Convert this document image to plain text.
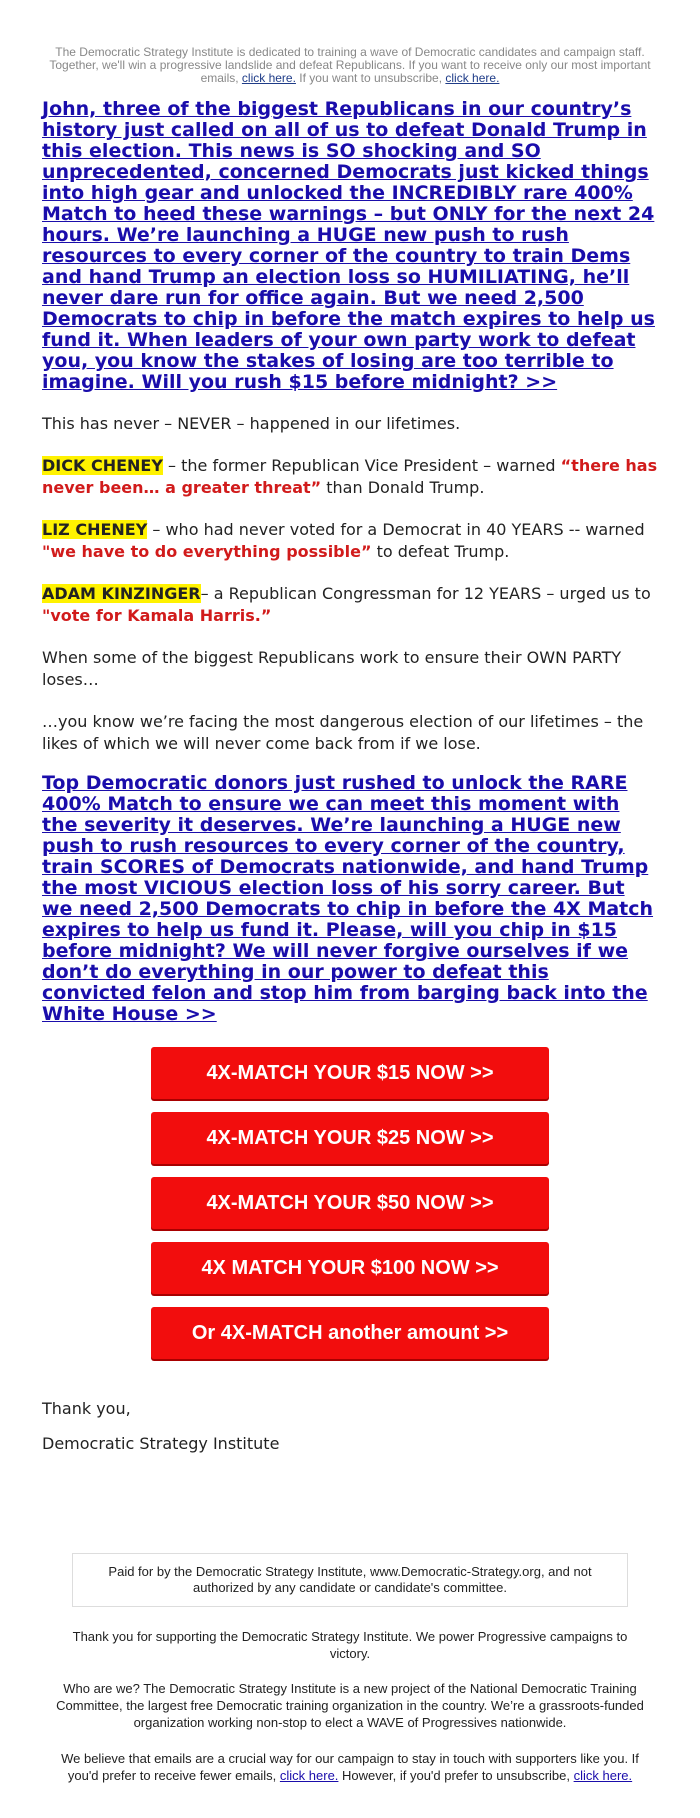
The Democratic Strategy Institute is dedicated to training a wave of Democratic candidates and campaign staff. Together, we'll win a progressive landslide and defeat Republicans. If you want to receive only our most important emails, click here. If you want to unsubscribe, click here.
John, three of the biggest Republicans in our country’s history just called on all of us to defeat Donald Trump in this election. This news is SO shocking and SO unprecedented, concerned Democrats just kicked things into high gear and unlocked the INCREDIBLY rare 400% Match to heed these warnings – but ONLY for the next 24 hours. We’re launching a HUGE new push to rush resources to every corner of the country to train Dems and hand Trump an election loss so HUMILIATING, he’ll never dare run for office again. But we need 2,500 Democrats to chip in before the match expires to help us fund it. When leaders of your own party work to defeat you, you know the stakes of losing are too terrible to imagine. Will you rush $15 before midnight? >>
This has never – NEVER – happened in our lifetimes.
DICK CHENEY – the former Republican Vice President – warned “there has never been… a greater threat” than Donald Trump.
LIZ CHENEY – who had never voted for a Democrat in 40 YEARS -- warned "we have to do everything possible” to defeat Trump.
ADAM KINZINGER– a Republican Congressman for 12 YEARS – urged us to "vote for Kamala Harris.”
When some of the biggest Republicans work to ensure their OWN PARTY loses…
…you know we’re facing the most dangerous election of our lifetimes – the likes of which we will never come back from if we lose.
Top Democratic donors just rushed to unlock the RARE 400% Match to ensure we can meet this moment with the severity it deserves. We’re launching a HUGE new push to rush resources to every corner of the country, train SCORES of Democrats nationwide, and hand Trump the most VICIOUS election loss of his sorry career. But we need 2,500 Democrats to chip in before the 4X Match expires to help us fund it. Please, will you chip in $15 before midnight? We will never forgive ourselves if we don’t do everything in our power to defeat this convicted felon and stop him from barging back into the White House >>
4X-MATCH YOUR $15 NOW >>
4X-MATCH YOUR $25 NOW >>
4X-MATCH YOUR $50 NOW >>
4X MATCH YOUR $100 NOW >>
Or 4X-MATCH another amount >>
Thank you,
Democratic Strategy Institute
Paid for by the Democratic Strategy Institute, www.Democratic-Strategy.org, and not authorized by any candidate or candidate's committee.
Thank you for supporting the Democratic Strategy Institute. We power Progressive campaigns to victory.
Who are we? The Democratic Strategy Institute is a new project of the National Democratic Training Committee, the largest free Democratic training organization in the country. We’re a grassroots-funded organization working non-stop to elect a WAVE of Progressives nationwide.
We believe that emails are a crucial way for our campaign to stay in touch with supporters like you. If you'd prefer to receive fewer emails, click here. However, if you'd prefer to unsubscribe, click here.
